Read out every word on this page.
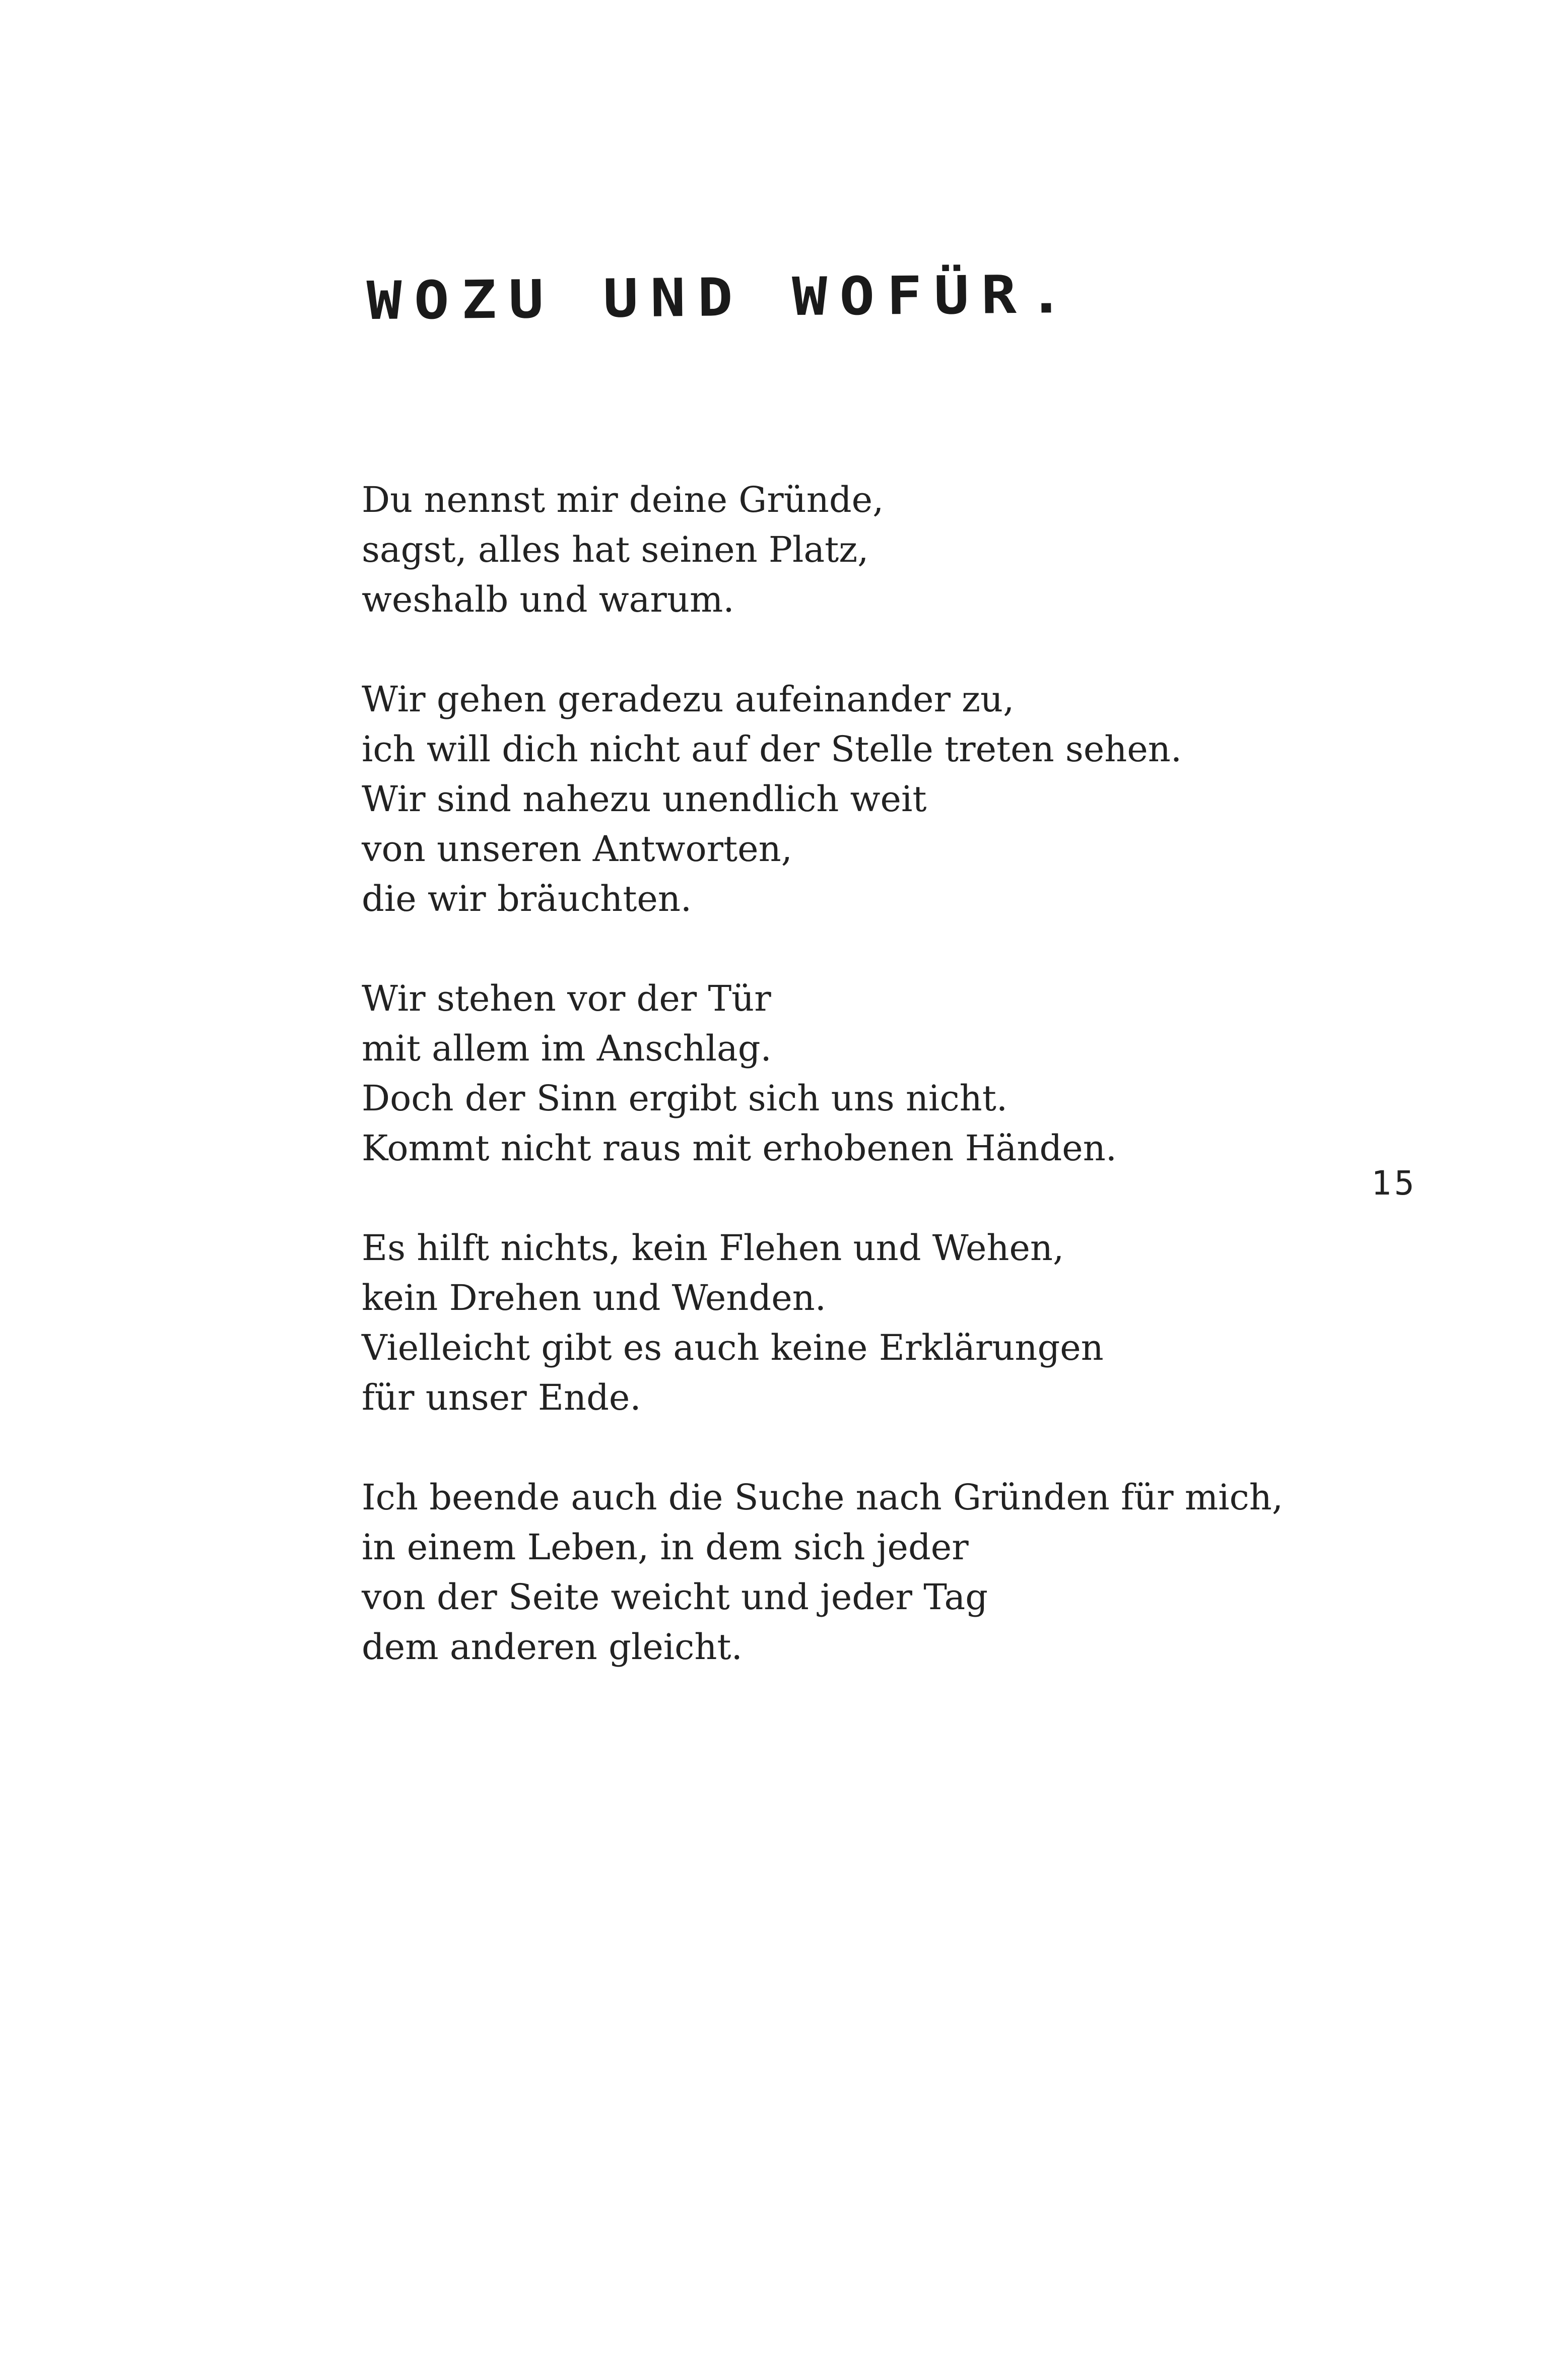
WOZU UND WOFÜR.

Du nennst mir deine Gründe,
sagst, alles hat seinen Platz,
weshalb und warum.

Wir gehen geradezu aufeinander zu,
ich will dich nicht auf der Stelle treten sehen.
Wir sind nahezu unendlich weit
von unseren Antworten,
die wir bräuchten.

Wir stehen vor der Tür
mit allem im Anschlag.
Doch der Sinn ergibt sich uns nicht.
Kommt nicht raus mit erhobenen Händen.

Es hilft nichts, kein Flehen und Wehen,
kein Drehen und Wenden.
Vielleicht gibt es auch keine Erklärungen
für unser Ende.

Ich beende auch die Suche nach Gründen für mich,
in einem Leben, in dem sich jeder
von der Seite weicht und jeder Tag
dem anderen gleicht.

15
